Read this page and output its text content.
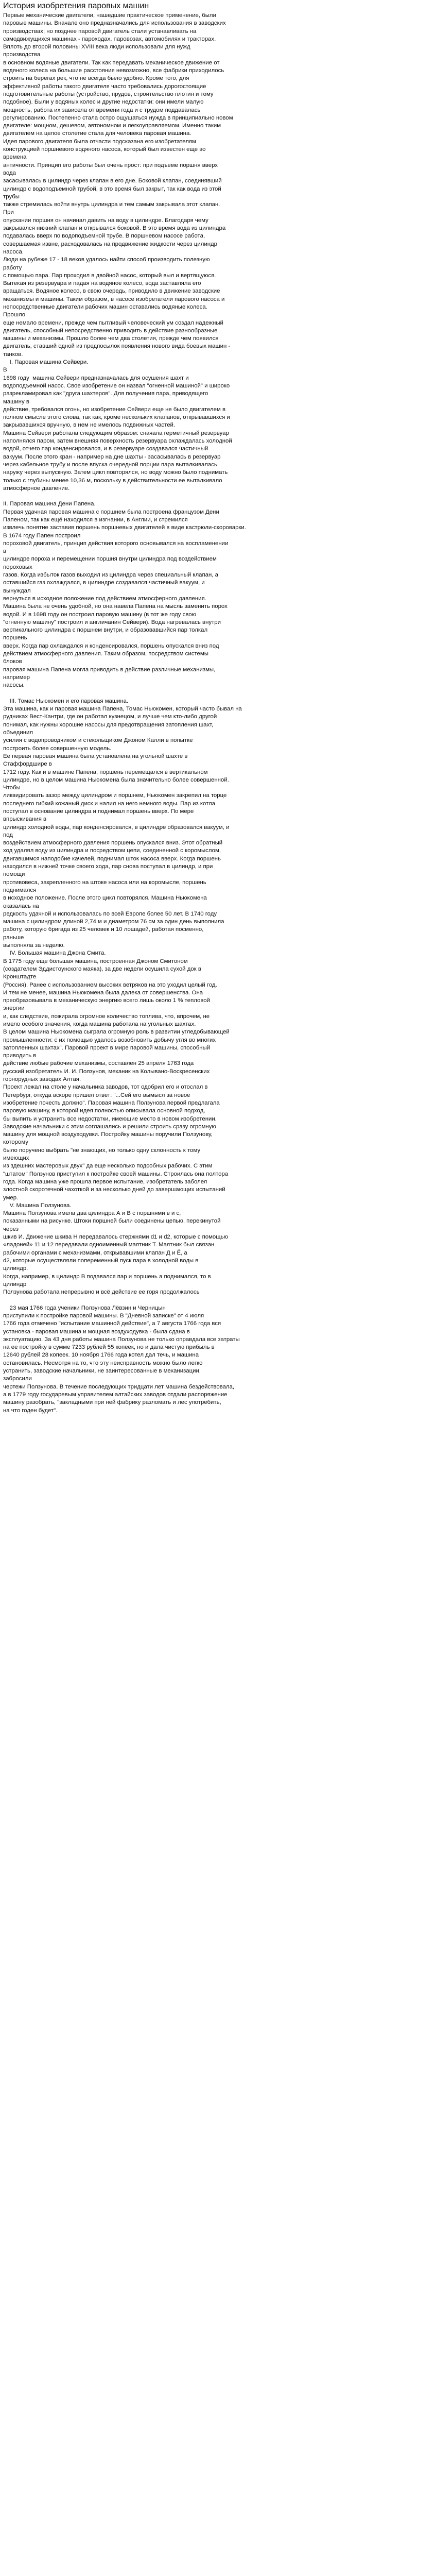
История изобретения паровых машин
Первые механические двигатели, нашедшие практическое применение, были
паровые машины. Вначале оно предназначались для использования в заводских
производствах; но позднее паровой двигатель стали устанавливать на
самодвижущихся машинах - пароходах, паровозах, автомобилях и тракторах.
Вплоть до второй половины XVIII века люди использовали для нужд
производства
в основном водяные двигатели. Так как передавать механическое движение от
водяного колеса на большие расстояния невозможно, все фабрики приходилось
строить на берегах рек, что не всегда было удобно. Кроме того, для
эффективной работы такого двигателя часто требовались дорогостоящие
подготовительные работы (устройство, прудов, строительство плотин и тому
подобное). Были у водяных колес и другие недостатки: они имели малую
мощность, работа их зависела от времени года и с трудом поддавалась
регулированию. Постепенно стала остро ощущаться нужда в принципиально новом
двигателе: мощном, дешевом, автономном и легкоуправляемом. Именно таким
двигателем на целое столетие стала для человека паровая машина.
Идея парового двигателя была отчасти подсказана его изобретателям
конструкцией поршневого водяного насоса, который был известен еще во
времена
античности. Принцип его работы был очень прост: при подъеме поршня вверх
вода
засасывалась в цилиндр через клапан в его дне. Боковой клапан, соединявший
цилиндр с водоподъемной трубой, в это время был закрыт, так как вода из этой
трубы
также стремилась войти внутрь цилиндра и тем самым закрывала этот клапан.
При
опускании поршня он начинал давить на воду в цилиндре. Благодаря чему
закрывался нижний клапан и открывался боковой. В это время вода из цилиндра
подавалась вверх по водоподъемной трубе. В поршневом насосе работа,
совершаемая извне, расходовалась на продвижение жидкости через цилиндр
насоса.
Люди на рубеже 17 - 18 веков удалось найти способ производить полезную
работу
с помощью пара. Пар проходил в двойной насос, который выл и вертящуюся.
Вытекая из резервуара и падая на водяное колесо, вода заставляла его
вращаться. Водяное колесо, в свою очередь, приводило в движение заводские
механизмы и машины. Таким образом, в насосе изобретатели парового насоса и
непосредственные двигатели рабочих машин оставались водяные колеса.
Прошло
еще немало времени, прежде чем пытливый человеческий ум создал надежный
двигатель, способный непосредственно приводить в действие разнообразные
машины и механизмы. Прошло более чем два столетия, прежде чем появился
двигатель, ставший одной из предпосылок появления нового вида боевых машин -
танков.
I. Паровая машина Сейвери.
В
1698 году  машина Сейвери предназначалась для осушения шахт и
водоподъемной насос. Свое изобретение он назвал "огненной машиной" и широко
разрекламировал как "друга шахтеров". Для получения пара, приводящего
машину в
действие, требовался огонь, но изобретение Сейвери еще не было двигателем в
полном смысле этого слова, так как, кроме нескольких клапанов, открывавшихся и
закрывавшихся вручную, в нем не имелось подвижных частей.
Машина Сейвери работала следующим образом: сначала герметичный резервуар
наполнялся паром, затем внешняя поверхность резервуара охлаждалась холодной
водой, отчего пар конденсировался, и в резервуаре создавался частичный
вакуум. После этого кран - например на дне шахты - засасывалась в резервуар
через кабельное трубу и после впуска очередной порции пара выталкивалась
наружу через выпускную. Затем цикл повторялся, но воду можно было поднимать
только с глубины менее 10,36 м, поскольку в действительности ее выталкивало
атмосферное давление.

II. Паровая машина Дени Папена.
Первая удачная паровая машина с поршнем была построена французом Дени
Папеном, так как ещё находился в изгнании, в Англии, и стремился
извлечь понятие заставив поршень поршневых двигателей в виде кастрюли-скороварки.
В 1674 году Папен построил
пороховой двигатель, принцип действия которого основывался на воспламенении
в
цилиндре пороха и перемещении поршня внутри цилиндра под воздействием
пороховых
газов. Когда избыток газов выходил из цилиндра через специальный клапан, а
оставшийся газ охлаждался, в цилиндре создавался частичный вакуум, и
вынуждал
вернуться в исходное положение под действием атмосферного давления.
Машина была не очень удобной, но она навела Папена на мысль заменить порох
водой. И в 1698 году он построил паровую машину (в тот же году свою
"огненную машину" построил и англичанин Сейвери). Вода нагревалась внутри
вертикального цилиндра с поршнем внутри, и образовавшийся пар толкал
поршень
вверх. Когда пар охлаждался и конденсировался, поршень опускался вниз под
действием атмосферного давления. Таким образом, посредством системы
блоков
паровая машина Папена могла приводить в действие различные механизмы,
например
насосы.

III. Томас Ньюкомен и его паровая машина.
Эта машина, как и паровая машина Папена, Томас Ньюкомен, который часто бывал на
рудниках Вест-Кантри, где он работал кузнецом, и лучше чем кто-либо другой
понимал, как нужны хорошие насосы для предотвращения затопления шахт,
объединил
усилия с водопроводчиком и стекольщиком Джоном Калли в попытке
построить более совершенную модель.
Ее первая паровая машина была установлена на угольной шахте в
Стаффордшире в
1712 году. Как и в машине Папена, поршень перемещался в вертикальном
цилиндре, но в целом машина Ньюкомена была значительно более совершенной.
Чтобы
ликвидировать зазор между цилиндром и поршнем, Ньюкомен закрепил на торце
последнего гибкий кожаный диск и налил на него немного воды. Пар из котла
поступал в основание цилиндра и поднимал поршень вверх. По мере
впрыскивания в
цилиндр холодной воды, пар конденсировался, в цилиндре образовался вакуум, и
под
воздействием атмосферного давления поршень опускался вниз. Этот обратный
ход удалял воду из цилиндра и посредством цепи, соединенной с коромыслом,
двигавшимся наподобие качелей, поднимал шток насоса вверх. Когда поршень
находился в нижней точке своего хода, пар снова поступал в цилиндр, и при
помощи
противовеса, закрепленного на штоке насоса или на коромысле, поршень
поднимался
в исходное положение. После этого цикл повторялся. Машина Ньюкомена
оказалась на
редкость удачной и использовалась по всей Европе более 50 лет. В 1740 году
машина с цилиндром длиной 2,74 м и диаметром 76 см за один день выполнила
работу, которую бригада из 25 человек и 10 лошадей, работая посменно,
раньше
выполняла за неделю.
IV. Большая машина Джона Смита.
В 1775 году еще большая машина, построенная Джоном Смитоном
(создателем Эддистоунского маяка), за две недели осушила сухой док в
Кронштадте
(Россия). Ранее с использованием высоких ветряков на это уходил целый год.
И тем не менее, машина Ньюкомена была далека от совершенства. Она
преобразовывала в механическую энергию всего лишь около 1 % тепловой
энергии
и, как следствие, пожирала огромное количество топлива, что, впрочем, не
имело особого значения, когда машина работала на угольных шахтах.
В целом машина Ньюкомена сыграла огромную роль в развитии угледобывающей
промышленности: с их помощью удалось возобновить добычу угля во многих
затопленных шахтах". Паровой проект в мире паровой машины, способный
приводить в
действие любые рабочие механизмы, составлен 25 апреля 1763 года
русский изобретатель И. И. Ползунов, механик на Колывано-Воскресенских
горнорудных заводах Алтая.
Проект лежал на столе у начальника заводов, тот одобрил его и отослал в
Петербург, откуда вскоре пришел ответ: "...Сей его вымысл за новое
изобретение почесть должно". Паровая машина Ползунова первой предлагала
паровую машину, в которой идея полностью описывала основной подход,
бы выпить и устранить все недостатки, имеющие место в новом изобретении.
Заводские начальники с этим соглашались и решили строить сразу огромную
машину для мощной воздуходувки. Постройку машины поручили Ползунову,
которому
было поручено выбрать "не знающих, но только одну склонность к тому
имеющих
из здешних мастеровых двух" да еще несколько подсобных рабочих. С этим
"штатом" Ползунов приступил к постройке своей машины. Строилась она полтора
года. Когда машина уже прошла первое испытание, изобретатель заболел
злостной скоротечной чахоткой и за несколько дней до завершающих испытаний
умер.
V. Машина Ползунова.
Машина Ползунова имела два цилиндра А и В с поршнями в и с,
показанными на рисунке. Штоки поршней были соединены цепью, перекинутой
через
шкив И. Движение шкива Н передавалось стержнями d1 и d2, которые с помощью
«ладоней» 11 и 12 передавали одноименный маятник Т. Маятник был связан
рабочими органами с механизмами, открывавшими клапан Д и Ё, а
d2, которые осуществляли попеременный пуск пара в холодной воды в
цилиндр.
Когда, например, в цилиндр В подавался пар и поршень а поднимался, то в
цилиндр
Ползунова работала непрерывно и всё действие ее горя продолжалось

23 мая 1766 года ученики Ползунова Лёвзин и Черницын
приступили к постройке паровой машины. В "Дневной записке" от 4 июля
1766 года отмечено "испытание машинной действие", а 7 августа 1766 года вся
установка - паровая машина и мощная воздуходувка - была сдана в
эксплуатацию. За 43 дня работы машина Ползунова не только оправдала все затраты
на ее постройку в сумме 7233 рублей 55 копеек, но и дала чистую прибыль в
12640 рублей 28 копеек. 10 ноября 1766 года котел дал течь, и машина
остановилась. Несмотря на то, что эту неисправность можно было легко
устранить, заводские начальники, не заинтересованные в механизации,
забросили
чертежи Ползунова. В течение последующих тридцати лет машина бездействовала,
а в 1779 году государевым управителем алтайских заводов отдали распоряжение
машину разобрать, "закладными при ней фабрику разломать и лес употребить,
на что годен будет".
